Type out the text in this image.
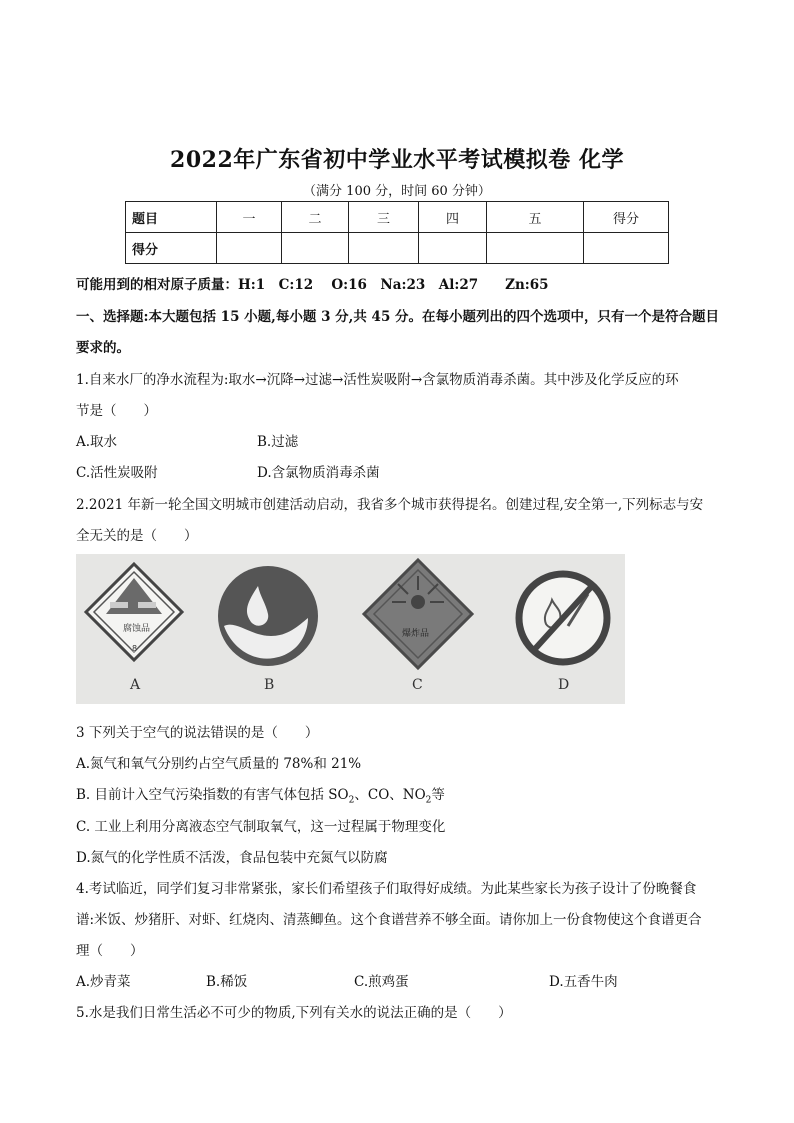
2022年广东省初中学业水平考试模拟卷 化学
（满分 100 分，时间 60 分钟）
题目	一	二	三	四	五	得分
得分						
可能用到的相对原子质量：H:1　C:12　 O:16　Na:23　Al:27　　Zn:65
一、选择题:本大题包括 15 小题,每小题 3 分,共 45 分。在每小题列出的四个选项中，只有一个是符合题目
要求的。
1.自来水厂的净水流程为:取水→沉降→过滤→活性炭吸附→含氯物质消毒杀菌。其中涉及化学反应的环
节是（　　）
A.取水	B.过滤
C.活性炭吸附	D.含氯物质消毒杀菌
2.2021 年新一轮全国文明城市创建活动启动，我省多个城市获得提名。创建过程,安全第一,下列标志与安
全无关的是（　　）
腐蚀品
8
爆炸品
A	B	C	D
3 下列关于空气的说法错误的是（　　）
A.氮气和氧气分别约占空气质量的 78%和 21%
B. 目前计入空气污染指数的有害气体包括 $SO_2$、CO、$NO_2$等
C. 工业上利用分离液态空气制取氧气，这一过程属于物理变化
D.氮气的化学性质不活泼，食品包装中充氮气以防腐
4.考试临近，同学们复习非常紧张，家长们希望孩子们取得好成绩。为此某些家长为孩子设计了份晚餐食
谱:米饭、炒猪肝、对虾、红烧肉、清蒸鲫鱼。这个食谱营养不够全面。请你加上一份食物使这个食谱更合
理（　　）
A.炒青菜	B.稀饭	C.煎鸡蛋	D.五香牛肉
5.水是我们日常生活必不可少的物质,下列有关水的说法正确的是（　　）
